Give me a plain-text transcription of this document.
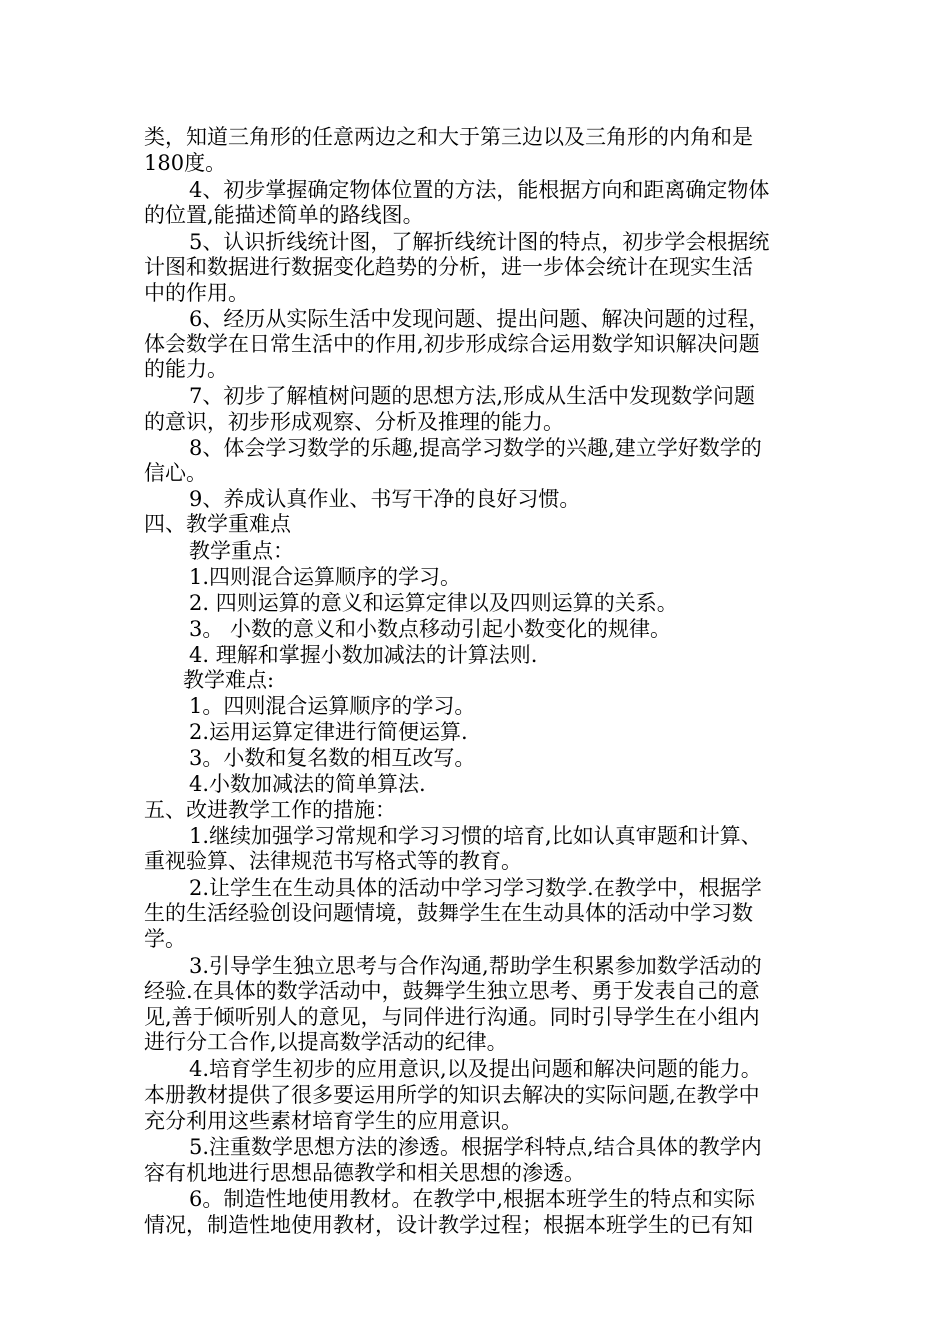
类，知道三角形的任意两边之和大于第三边以及三角形的内角和是
180度。
4、初步掌握确定物体位置的方法，能根据方向和距离确定物体
的位置,能描述简单的路线图。
5、认识折线统计图，了解折线统计图的特点，初步学会根据统
计图和数据进行数据变化趋势的分析，进一步体会统计在现实生活
中的作用。
6、经历从实际生活中发现问题、提出问题、解决问题的过程，
体会数学在日常生活中的作用,初步形成综合运用数学知识解决问题
的能力。
7、初步了解植树问题的思想方法,形成从生活中发现数学问题
的意识，初步形成观察、分析及推理的能力。
8、体会学习数学的乐趣,提高学习数学的兴趣,建立学好数学的
信心。
9、养成认真作业、书写干净的良好习惯。
四、教学重难点
教学重点：
1.四则混合运算顺序的学习。
2. 四则运算的意义和运算定律以及四则运算的关系。
3。 小数的意义和小数点移动引起小数变化的规律。
4. 理解和掌握小数加减法的计算法则.
教学难点:
1。四则混合运算顺序的学习。
2.运用运算定律进行简便运算.
3。小数和复名数的相互改写。
4.小数加减法的简单算法.
五、改进教学工作的措施：
1.继续加强学习常规和学习习惯的培育,比如认真审题和计算、
重视验算、法律规范书写格式等的教育。
2.让学生在生动具体的活动中学习学习数学.在教学中，根据学
生的生活经验创设问题情境，鼓舞学生在生动具体的活动中学习数
学。
3.引导学生独立思考与合作沟通,帮助学生积累参加数学活动的
经验.在具体的数学活动中，鼓舞学生独立思考、勇于发表自己的意
见,善于倾听别人的意见，与同伴进行沟通。同时引导学生在小组内
进行分工合作,以提高数学活动的纪律。
4.培育学生初步的应用意识,以及提出问题和解决问题的能力。
本册教材提供了很多要运用所学的知识去解决的实际问题,在教学中
充分利用这些素材培育学生的应用意识。
5.注重数学思想方法的渗透。根据学科特点,结合具体的教学内
容有机地进行思想品德教学和相关思想的渗透。
6。制造性地使用教材。在教学中,根据本班学生的特点和实际
情况，制造性地使用教材，设计教学过程；根据本班学生的已有知
